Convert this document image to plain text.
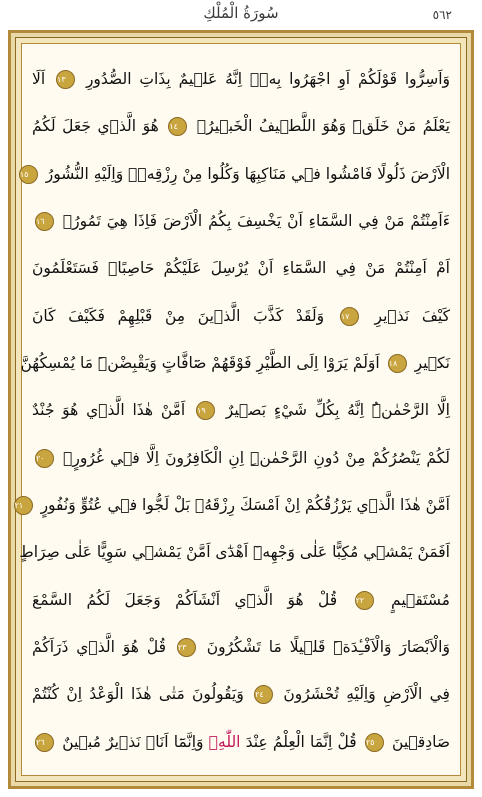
سُورَةُ الْمُلْكِ	٥٦٢
وَاَسِرُّوا قَوْلَكُمْ اَوِ اجْهَرُوا بِه۪ۜ اِنَّهُ عَل۪يمٌ بِذَاتِ الصُّدُورِ ١٣ اَلَا
يَعْلَمُ مَنْ خَلَقَۜ وَهُوَ اللَّط۪يفُ الْخَب۪يرُ۟ ١٤ هُوَ الَّذ۪ي جَعَلَ لَكُمُ
الْاَرْضَ ذَلُولًا فَامْشُوا ف۪ي مَنَاكِبِهَا وَكُلُوا مِنْ رِزْقِه۪ۜ وَاِلَيْهِ النُّشُورُ ١٥
ءَاَمِنْتُمْ مَنْ فِي السَّمَٓاءِ اَنْ يَخْسِفَ بِكُمُ الْاَرْضَ فَاِذَا هِيَ تَمُورُۙ ١٦
اَمْ اَمِنْتُمْ مَنْ فِي السَّمَٓاءِ اَنْ يُرْسِلَ عَلَيْكُمْ حَاصِبًاۜ فَسَتَعْلَمُونَ
كَيْفَ نَذ۪يرِ ١٧ وَلَقَدْ كَذَّبَ الَّذ۪ينَ مِنْ قَبْلِهِمْ فَكَيْفَ كَانَ
نَك۪يرِ ١٨ اَوَلَمْ يَرَوْا اِلَى الطَّيْرِ فَوْقَهُمْ صَٓافَّاتٍ وَيَقْبِضْنَۜ مَا يُمْسِكُهُنَّ
اِلَّا الرَّحْمٰنُۜ اِنَّهُ بِكُلِّ شَيْءٍ بَص۪يرٌ ١٩ اَمَّنْ هٰذَا الَّذ۪ي هُوَ جُنْدٌ
لَكُمْ يَنْصُرُكُمْ مِنْ دُونِ الرَّحْمٰنِۜ اِنِ الْكَافِرُونَ اِلَّا ف۪ي غُرُورٍۚ ٢٠
اَمَّنْ هٰذَا الَّذ۪ي يَرْزُقُكُمْ اِنْ اَمْسَكَ رِزْقَهُۚ بَلْ لَجُّوا ف۪ي عُتُوٍّ وَنُفُورٍ ٢١
اَفَمَنْ يَمْش۪ي مُكِبًّا عَلٰى وَجْهِه۪ٓ اَهْدٰٓى اَمَّنْ يَمْش۪ي سَوِيًّا عَلٰى صِرَاطٍ
مُسْتَق۪يمٍ ٢٢ قُلْ هُوَ الَّذ۪ٓي اَنْشَاَكُمْ وَجَعَلَ لَكُمُ السَّمْعَ
وَالْاَبْصَارَ وَالْاَفْـِٔدَةَۜ قَل۪يلًا مَا تَشْكُرُونَ ٢٣ قُلْ هُوَ الَّذ۪ي ذَرَاَكُمْ
فِي الْاَرْضِ وَاِلَيْهِ تُحْشَرُونَ ٢٤ وَيَقُولُونَ مَتٰى هٰذَا الْوَعْدُ اِنْ كُنْتُمْ
صَادِق۪ينَ ٢٥ قُلْ اِنَّمَا الْعِلْمُ عِنْدَ اللّٰهِۖ وَاِنَّمَٓا اَنَا۬ نَذ۪يرٌ مُب۪ينٌ ٢٦
